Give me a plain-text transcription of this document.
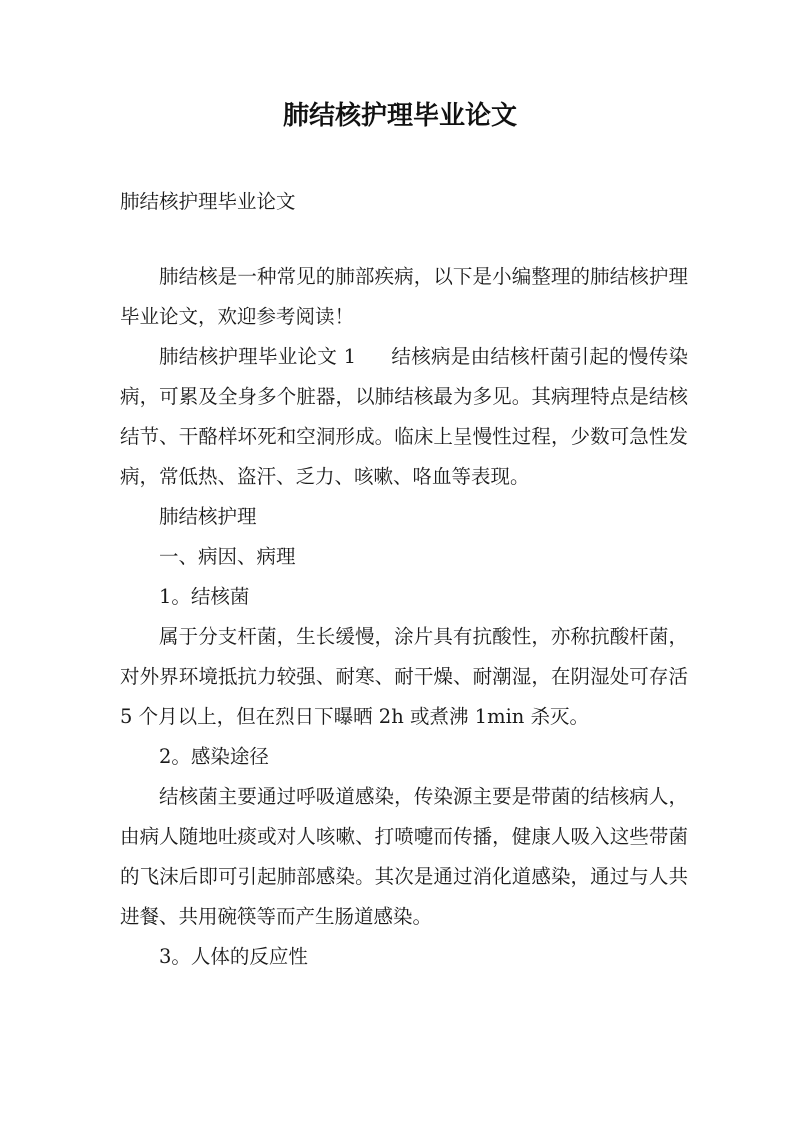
肺结核护理毕业论文
肺结核护理毕业论文

肺结核是一种常见的肺部疾病，以下是小编整理的肺结核护理毕业论文，欢迎参考阅读！

肺结核护理毕业论文 1 结核病是由结核杆菌引起的慢传染病，可累及全身多个脏器，以肺结核最为多见。其病理特点是结核结节、干酪样坏死和空洞形成。临床上呈慢性过程，少数可急性发病，常低热、盗汗、乏力、咳嗽、咯血等表现。

肺结核护理

一、病因、病理

1。结核菌

属于分支杆菌，生长缓慢，涂片具有抗酸性，亦称抗酸杆菌，对外界环境抵抗力较强、耐寒、耐干燥、耐潮湿，在阴湿处可存活 5 个月以上，但在烈日下曝晒 2h 或煮沸 1min 杀灭。

2。感染途径

结核菌主要通过呼吸道感染，传染源主要是带菌的结核病人，由病人随地吐痰或对人咳嗽、打喷嚏而传播，健康人吸入这些带菌的飞沫后即可引起肺部感染。其次是通过消化道感染，通过与人共进餐、共用碗筷等而产生肠道感染。

3。人体的反应性
